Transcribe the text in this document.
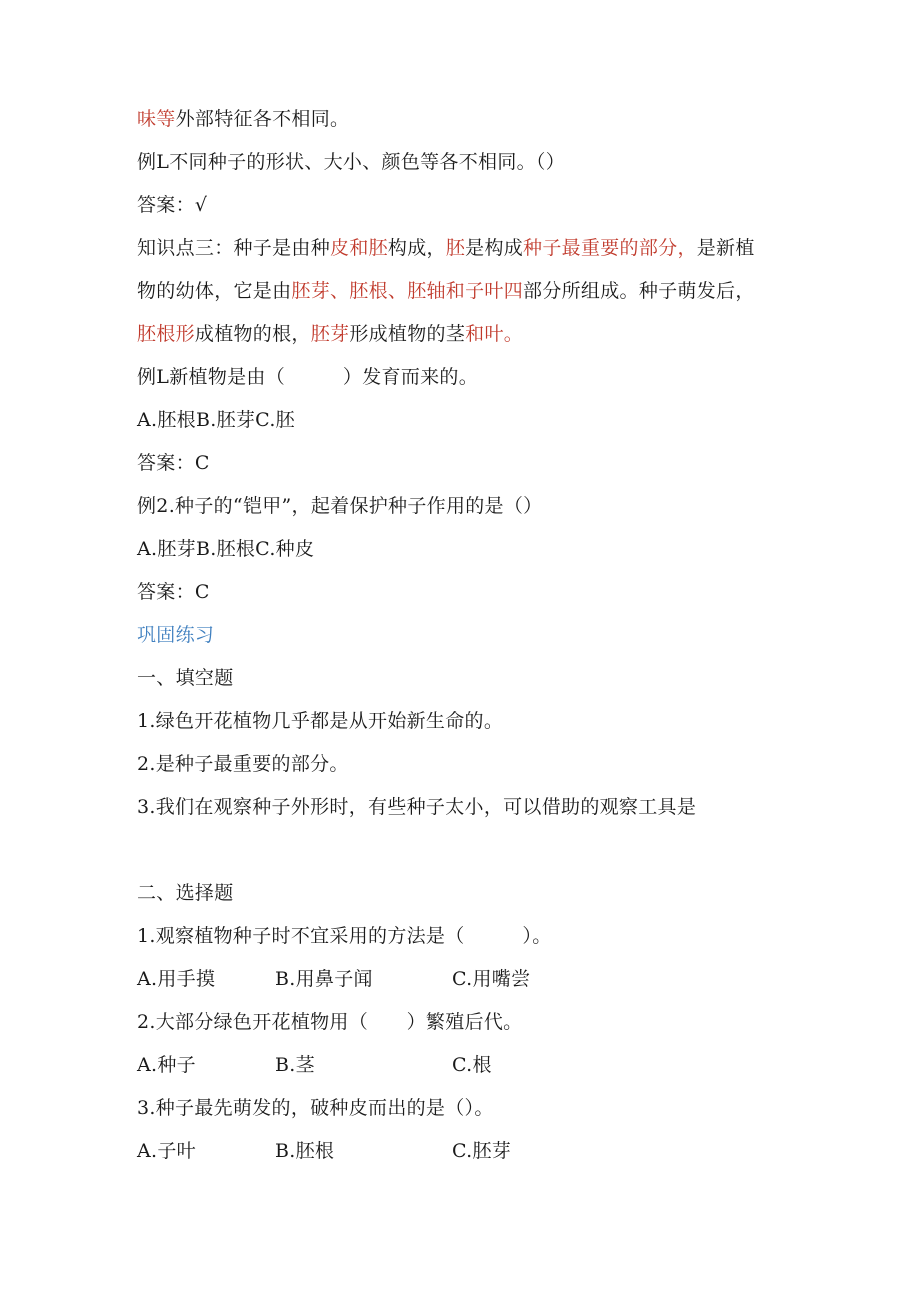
味等外部特征各不相同。
例L不同种子的形状、大小、颜色等各不相同。（）
答案：√
知识点三：种子是由种皮和胚构成，胚是构成种子最重要的部分，是新植
物的幼体，它是由胚芽、胚根、胚轴和子叶四部分所组成。种子萌发后，
胚根形成植物的根，胚芽形成植物的茎和叶。
例L新植物是由（　　　）发育而来的。
A.胚根B.胚芽C.胚
答案：C
例2.种子的“铠甲”，起着保护种子作用的是（）
A.胚芽B.胚根C.种皮
答案：C
巩固练习
一、填空题
1.绿色开花植物几乎都是从开始新生命的。
2.是种子最重要的部分。
3.我们在观察种子外形时，有些种子太小，可以借助的观察工具是
二、选择题
1.观察植物种子时不宜采用的方法是（　　　）。
A.用手摸	B.用鼻子闻	C.用嘴尝
2.大部分绿色开花植物用（　　）繁殖后代。
A.种子	B.茎	C.根
3.种子最先萌发的，破种皮而出的是（）。
A.子叶	B.胚根	C.胚芽
